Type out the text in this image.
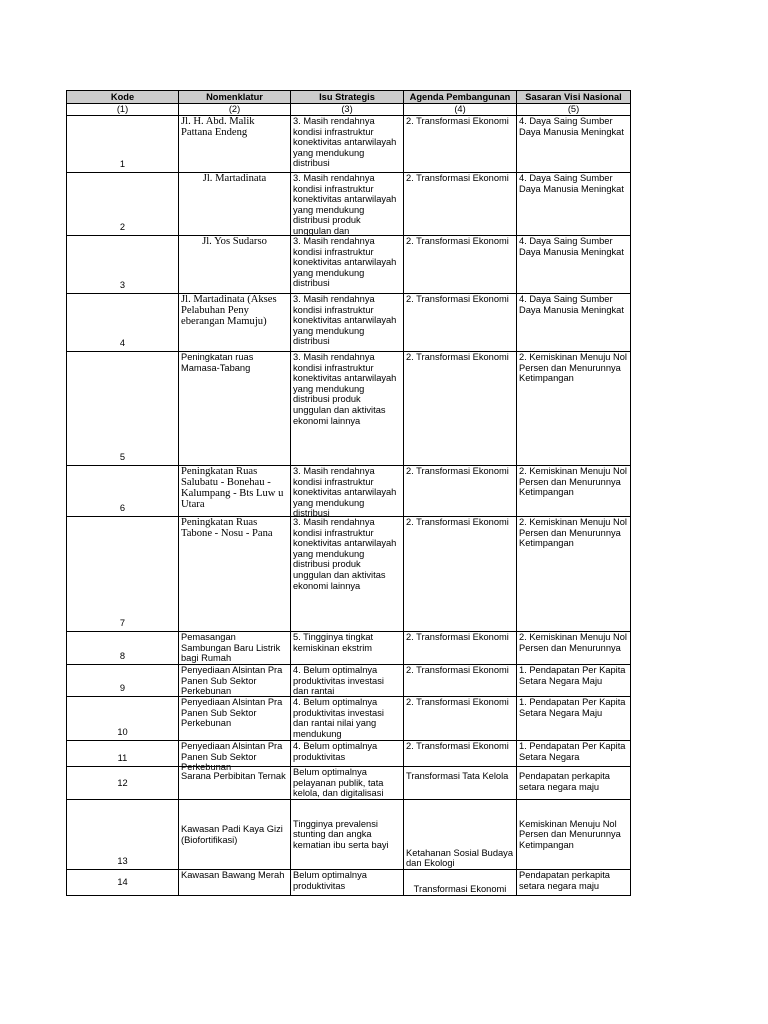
Kode	Nomenklatur	Isu Strategis	Agenda Pembangunan	Sasaran Visi Nasional
(1)	(2)	(3)	(4)	(5)
1	Jl. H. Abd. Malik Pattana Endeng	3. Masih rendahnya kondisi infrastruktur konektivitas antarwilayah yang mendukung distribusi	2. Transformasi Ekonomi	4. Daya Saing Sumber Daya Manusia Meningkat

2	Jl. Martadinata	3. Masih rendahnya kondisi infrastruktur konektivitas antarwilayah yang mendukung distribusi produk unggulan dan	2. Transformasi Ekonomi	4. Daya Saing Sumber Daya Manusia Meningkat

3	Jl. Yos Sudarso	3. Masih rendahnya kondisi infrastruktur konektivitas antarwilayah yang mendukung distribusi	2. Transformasi Ekonomi	4. Daya Saing Sumber Daya Manusia Meningkat

4	Jl. Martadinata (Akses Pelabuhan Peny eberangan Mamuju)	3. Masih rendahnya kondisi infrastruktur konektivitas antarwilayah yang mendukung distribusi	2. Transformasi Ekonomi	4. Daya Saing Sumber Daya Manusia Meningkat

5	Peningkatan ruas Mamasa-Tabang	3. Masih rendahnya kondisi infrastruktur konektivitas antarwilayah yang mendukung distribusi produk unggulan dan aktivitas ekonomi lainnya	2. Transformasi Ekonomi	2. Kemiskinan Menuju Nol Persen dan Menurunnya Ketimpangan

6	Peningkatan Ruas Salubatu - Bonehau - Kalumpang - Bts Luw u Utara	3. Masih rendahnya kondisi infrastruktur konektivitas antarwilayah yang mendukung distribusi	2. Transformasi Ekonomi	2. Kemiskinan Menuju Nol Persen dan Menurunnya Ketimpangan

7	Peningkatan Ruas Tabone - Nosu - Pana	3. Masih rendahnya kondisi infrastruktur konektivitas antarwilayah yang mendukung distribusi produk unggulan dan aktivitas ekonomi lainnya	2. Transformasi Ekonomi	2. Kemiskinan Menuju Nol Persen dan Menurunnya Ketimpangan

8	Pemasangan Sambungan Baru Listrik bagi Rumah	5. Tingginya tingkat kemiskinan ekstrim	2. Transformasi Ekonomi	2. Kemiskinan Menuju Nol Persen dan Menurunnya

9	Penyediaan Alsintan Pra Panen Sub Sektor Perkebunan	4. Belum optimalnya produktivitas investasi dan rantai	2. Transformasi Ekonomi	1. Pendapatan Per Kapita Setara Negara Maju

10	Penyediaan Alsintan Pra Panen Sub Sektor Perkebunan	4. Belum optimalnya produktivitas investasi dan rantai nilai yang mendukung	2. Transformasi Ekonomi	1. Pendapatan Per Kapita Setara Negara Maju

11	Penyediaan Alsintan Pra Panen Sub Sektor Perkebunan	4. Belum optimalnya produktivitas	2. Transformasi Ekonomi	1. Pendapatan Per Kapita Setara Negara

12	Sarana Perbibitan Ternak	Belum optimalnya pelayanan publik, tata kelola, dan digitalisasi	Transformasi Tata Kelola	Pendapatan perkapita setara negara maju

13	Kawasan Padi Kaya Gizi (Biofortifikasi)	Tingginya prevalensi stunting dan angka kematian ibu serta bayi	Ketahanan Sosial Budaya dan Ekologi	Kemiskinan Menuju Nol Persen dan Menurunnya Ketimpangan

14	Kawasan Bawang Merah	Belum optimalnya produktivitas	Transformasi Ekonomi	Pendapatan perkapita setara negara maju
